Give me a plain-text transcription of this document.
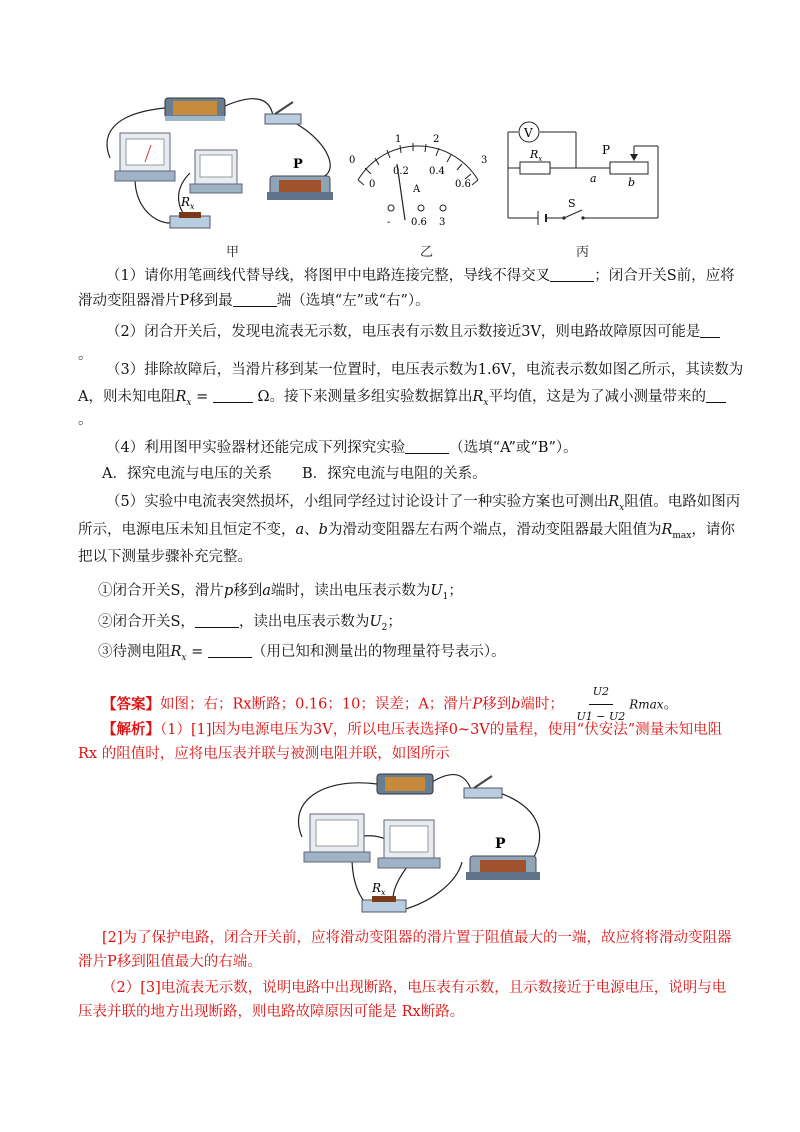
P
$R_x$
甲
0
1	2
3
0
0.2 0.4
0.6
A
- 0.6 3
乙
V
$R_x$
P
a	b
S
丙
（1）请你用笔画线代替导线，将图甲中电路连接完整，导线不得交叉	；闭合开关S前，应将
滑动变阻器滑片P移到最	端（选填“左”或“右”）。
（2）闭合开关后，发现电流表无示数，电压表有示数且示数接近3V，则电路故障原因可能是
。
（3）排除故障后，当滑片移到某一位置时，电压表示数为1.6V，电流表示数如图乙所示，其读数为
A，则未知电阻$R_x$ =	Ω。接下来测量多组实验数据算出$R_x$平均值，这是为了减小测量带来的
。
（4）利用图甲实验器材还能完成下列探究实验	（选填“A”或“B”）。
A．探究电流与电压的关系 B．探究电流与电阻的关系。
（5）实验中电流表突然损坏，小组同学经过讨论设计了一种实验方案也可测出$R_x$阻值。电路如图丙
所示，电源电压未知且恒定不变，a、b为滑动变阻器左右两个端点，滑动变阻器最大阻值为$R_{max}$，请你
把以下测量步骤补充完整。
①闭合开关S，滑片p移到a端时，读出电压表示数为$U_1$；
②闭合开关S，	，读出电压表示数为$U_2$；
③待测电阻$R_x$ =	（用已知和测量出的物理量符号表示）。
【答案】如图；右；Rx断路；0.16；10；误差；A；滑片P移到b端时； $\frac{U2}{U1 - U2}$ Rmax。
【解析】（1）[1]因为电源电压为3V，所以电压表选择0~3V的量程，使用“伏安法”测量未知电阻
Rx 的阻值时，应将电压表并联与被测电阻并联，如图所示
P
$R_x$
[2]为了保护电路，闭合开关前，应将滑动变阻器的滑片置于阻值最大的一端，故应将将滑动变阻器
滑片P移到阻值最大的右端。
（2）[3]电流表无示数，说明电路中出现断路，电压表有示数，且示数接近于电源电压，说明与电
压表并联的地方出现断路，则电路故障原因可能是 Rx断路。
